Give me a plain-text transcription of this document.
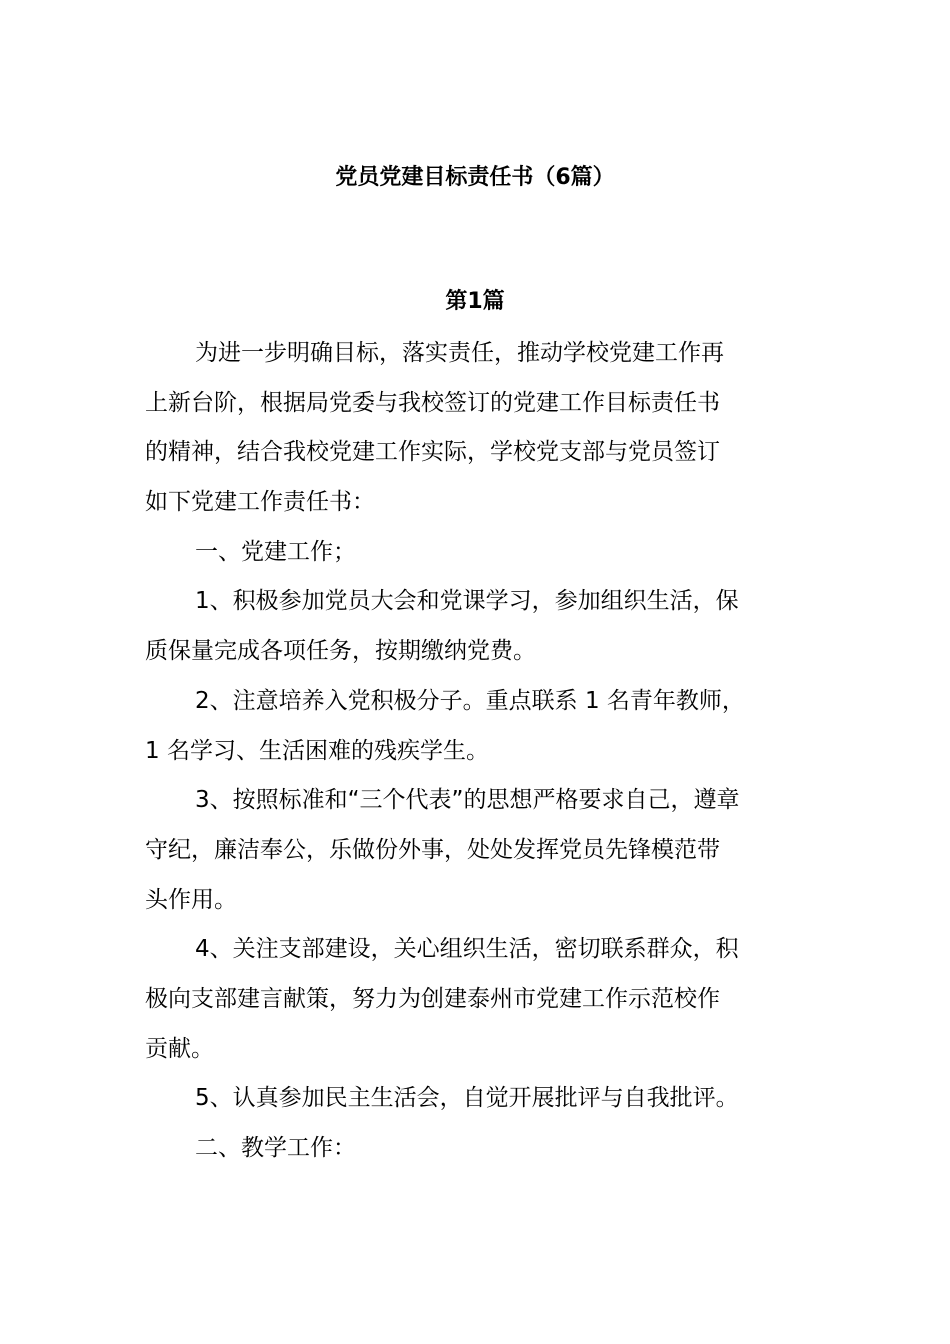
党员党建目标责任书（6篇）
第1篇
为进一步明确目标，落实责任，推动学校党建工作再
上新台阶，根据局党委与我校签订的党建工作目标责任书
的精神，结合我校党建工作实际，学校党支部与党员签订
如下党建工作责任书：
一、党建工作；
1、积极参加党员大会和党课学习，参加组织生活，保
质保量完成各项任务，按期缴纳党费。
2、注意培养入党积极分子。重点联系 1 名青年教师，
1 名学习、生活困难的残疾学生。
3、按照标准和“三个代表”的思想严格要求自己，遵章
守纪，廉洁奉公，乐做份外事，处处发挥党员先锋模范带
头作用。
4、关注支部建设，关心组织生活，密切联系群众，积
极向支部建言献策，努力为创建泰州市党建工作示范校作
贡献。
5、认真参加民主生活会，自觉开展批评与自我批评。
二、教学工作：
